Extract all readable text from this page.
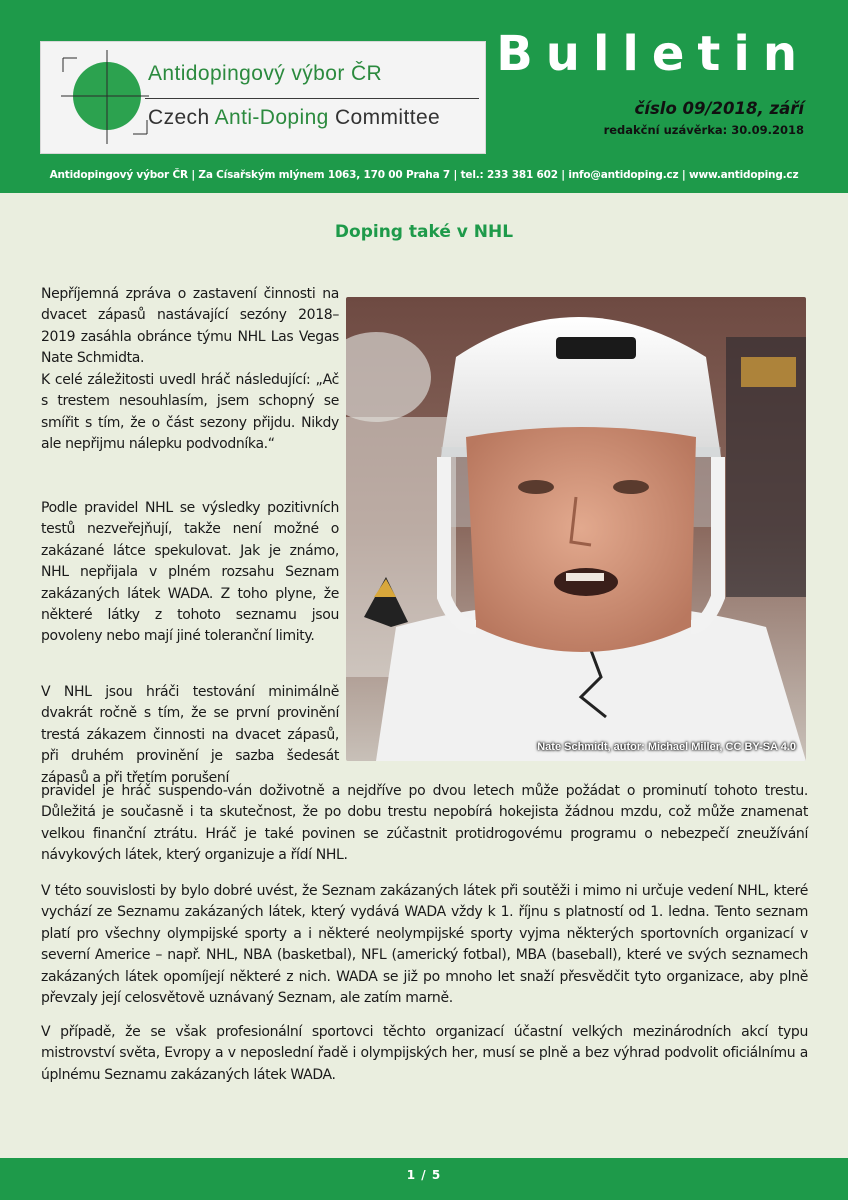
Antidopingový výbor ČR
Czech Anti-Doping Committee
Bulletin
číslo 09/2018, září
redakční uzávěrka: 30.09.2018
Antidopingový výbor ČR | Za Císařským mlýnem 1063, 170 00 Praha 7 | tel.: 233 381 602 | info@antidoping.cz | www.antidoping.cz
Doping také v NHL
Nate Schmidt, autor: Michael Miller, CC BY-SA 4.0

Nepříjemná zpráva o zastavení činnosti na dvacet zápasů nastávající sezóny 2018–2019 zasáhla obránce týmu NHL Las Vegas Nate Schmidta.

K celé záležitosti uvedl hráč následující: „Ač s trestem nesouhlasím, jsem schopný se smířit s tím, že o část sezony přijdu. Nikdy ale nepřijmu nálepku podvodníka.“

Podle pravidel NHL se výsledky pozitivních testů nezveřejňují, takže není možné o zakázané látce spekulovat. Jak je známo, NHL nepřijala v plném rozsahu Seznam zakázaných látek WADA. Z toho plyne, že některé látky z tohoto seznamu jsou povoleny nebo mají jiné toleranční limity.

V NHL jsou hráči testování minimálně dvakrát ročně s tím, že se první provinění trestá zákazem činnosti na dvacet zápasů, při druhém provinění je sazba šedesát zápasů a při třetím porušení

pravidel je hráč suspendo-ván doživotně a nejdříve po dvou letech může požádat o prominutí tohoto trestu. Důležitá je současně i ta skutečnost, že po dobu trestu nepobírá hokejista žádnou mzdu, což může znamenat velkou finanční ztrátu. Hráč je také povinen se zúčastnit protidrogovému programu o nebezpečí zneužívání návykových látek, který organizuje a řídí NHL.

V této souvislosti by bylo dobré uvést, že Seznam zakázaných látek při soutěži i mimo ni určuje vedení NHL, které vychází ze Seznamu zakázaných látek, který vydává WADA vždy k 1. říjnu s platností od 1. ledna. Tento seznam platí pro všechny olympijské sporty a i některé neolympijské sporty vyjma některých sportovních organizací v severní Americe – např. NHL, NBA (basketbal), NFL (americký fotbal), MBA (baseball), které ve svých seznamech zakázaných látek opomíjejí některé z nich. WADA se již po mnoho let snaží přesvědčit tyto organizace, aby plně převzaly její celosvětově uznávaný Seznam, ale zatím marně.

V případě, že se však profesionální sportovci těchto organizací účastní velkých mezinárodních akcí typu mistrovství světa, Evropy a v neposlední řadě i olympijských her, musí se plně a bez výhrad podvolit oficiálnímu a úplnému Seznamu zakázaných látek WADA.

1 / 5
